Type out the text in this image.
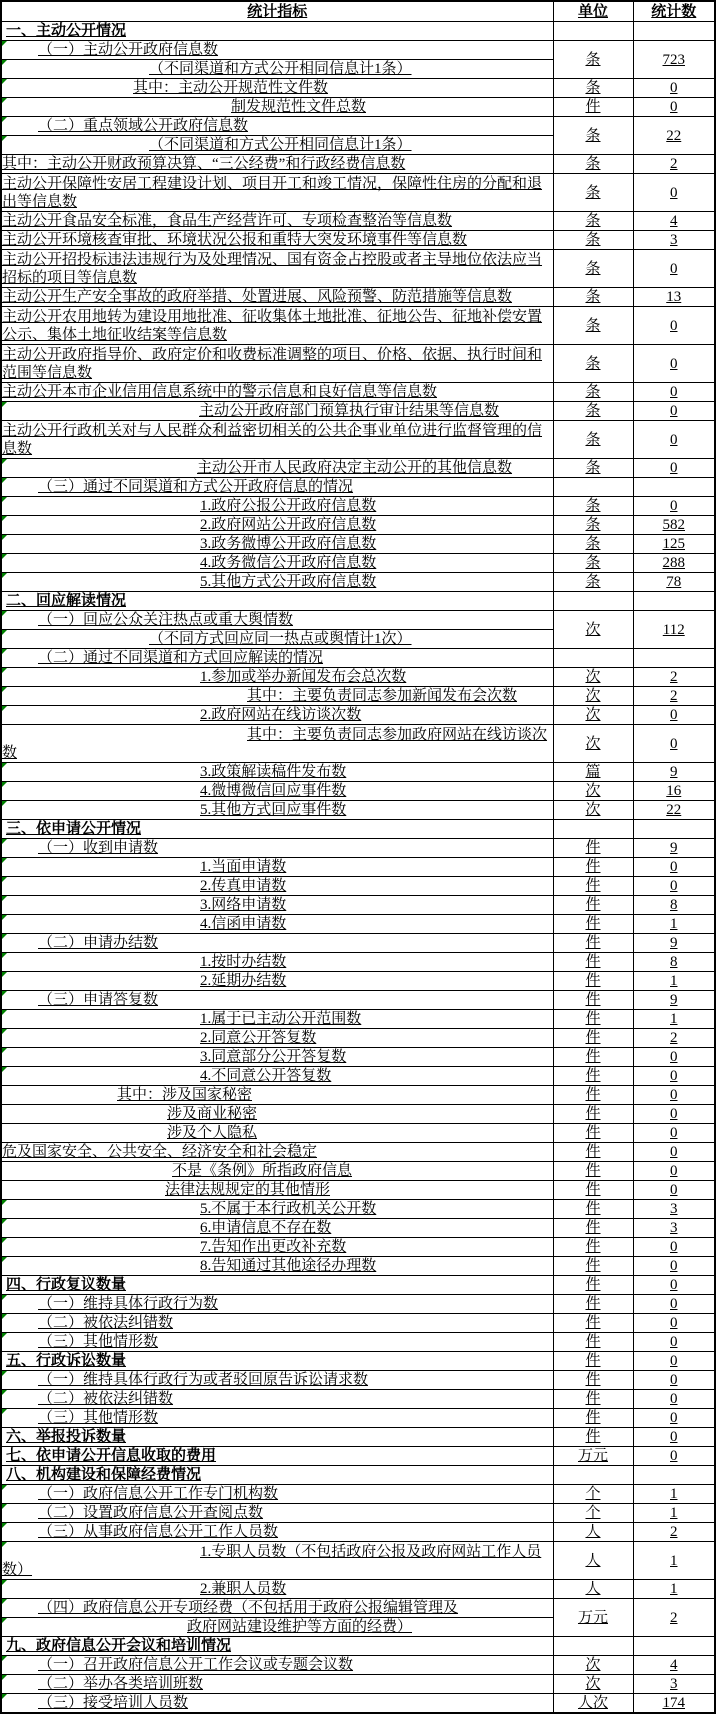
统计指标	单位	统计数
一、主动公开情况		
（一）主动公开政府信息数	条	723
（不同渠道和方式公开相同信息计1条）		
其中：主动公开规范性文件数	条	0
制发规范性文件总数	件	0
（二）重点领域公开政府信息数	条	22
（不同渠道和方式公开相同信息计1条）		
其中：主动公开财政预算决算、“三公经费”和行政经费信息数	条	2
主动公开保障性安居工程建设计划、项目开工和竣工情况，保障性住房的分配和退出等信息数	条	0
主动公开食品安全标准，食品生产经营许可、专项检查整治等信息数	条	4
主动公开环境核查审批、环境状况公报和重特大突发环境事件等信息数	条	3
主动公开招投标违法违规行为及处理情况、国有资金占控股或者主导地位依法应当招标的项目等信息数	条	0
主动公开生产安全事故的政府举措、处置进展、风险预警、防范措施等信息数	条	13
主动公开农用地转为建设用地批准、征收集体土地批准、征地公告、征地补偿安置公示、集体土地征收结案等信息数	条	0
主动公开政府指导价、政府定价和收费标准调整的项目、价格、依据、执行时间和范围等信息数	条	0
主动公开本市企业信用信息系统中的警示信息和良好信息等信息数	条	0
主动公开政府部门预算执行审计结果等信息数	条	0
主动公开行政机关对与人民群众利益密切相关的公共企事业单位进行监督管理的信息数	条	0
主动公开市人民政府决定主动公开的其他信息数	条	0
（三）通过不同渠道和方式公开政府信息的情况		
1.政府公报公开政府信息数	条	0
2.政府网站公开政府信息数	条	582
3.政务微博公开政府信息数	条	125
4.政务微信公开政府信息数	条	288
5.其他方式公开政府信息数	条	78
二、回应解读情况		
（一）回应公众关注热点或重大舆情数	次	112
（不同方式回应同一热点或舆情计1次）		
（二）通过不同渠道和方式回应解读的情况		
1.参加或举办新闻发布会总次数	次	2
其中：主要负责同志参加新闻发布会次数	次	2
2.政府网站在线访谈次数	次	0
其中：主要负责同志参加政府网站在线访谈次数	次	0
3.政策解读稿件发布数	篇	9
4.微博微信回应事件数	次	16
5.其他方式回应事件数	次	22
三、依申请公开情况		
（一）收到申请数	件	9
1.当面申请数	件	0
2.传真申请数	件	0
3.网络申请数	件	8
4.信函申请数	件	1
（二）申请办结数	件	9
1.按时办结数	件	8
2.延期办结数	件	1
（三）申请答复数	件	9
1.属于已主动公开范围数	件	1
2.同意公开答复数	件	2
3.同意部分公开答复数	件	0
4.不同意公开答复数	件	0
其中：涉及国家秘密	件	0
涉及商业秘密	件	0
涉及个人隐私	件	0
危及国家安全、公共安全、经济安全和社会稳定	件	0
不是《条例》所指政府信息	件	0
法律法规规定的其他情形	件	0
5.不属于本行政机关公开数	件	3
6.申请信息不存在数	件	3
7.告知作出更改补充数	件	0
8.告知通过其他途径办理数	件	0
四、行政复议数量	件	0
（一）维持具体行政行为数	件	0
（二）被依法纠错数	件	0
（三）其他情形数	件	0
五、行政诉讼数量	件	0
（一）维持具体行政行为或者驳回原告诉讼请求数	件	0
（二）被依法纠错数	件	0
（三）其他情形数	件	0
六、举报投诉数量	件	0
七、依申请公开信息收取的费用	万元	0
八、机构建设和保障经费情况		
（一）政府信息公开工作专门机构数	个	1
（二）设置政府信息公开查阅点数	个	1
（三）从事政府信息公开工作人员数	人	2
1.专职人员数（不包括政府公报及政府网站工作人员数）	人	1
2.兼职人员数	人	1
（四）政府信息公开专项经费（不包括用于政府公报编辑管理及	万元	2
政府网站建设维护等方面的经费）		
九、政府信息公开会议和培训情况		
（一）召开政府信息公开工作会议或专题会议数	次	4
（二）举办各类培训班数	次	3
（三）接受培训人员数	人次	174
